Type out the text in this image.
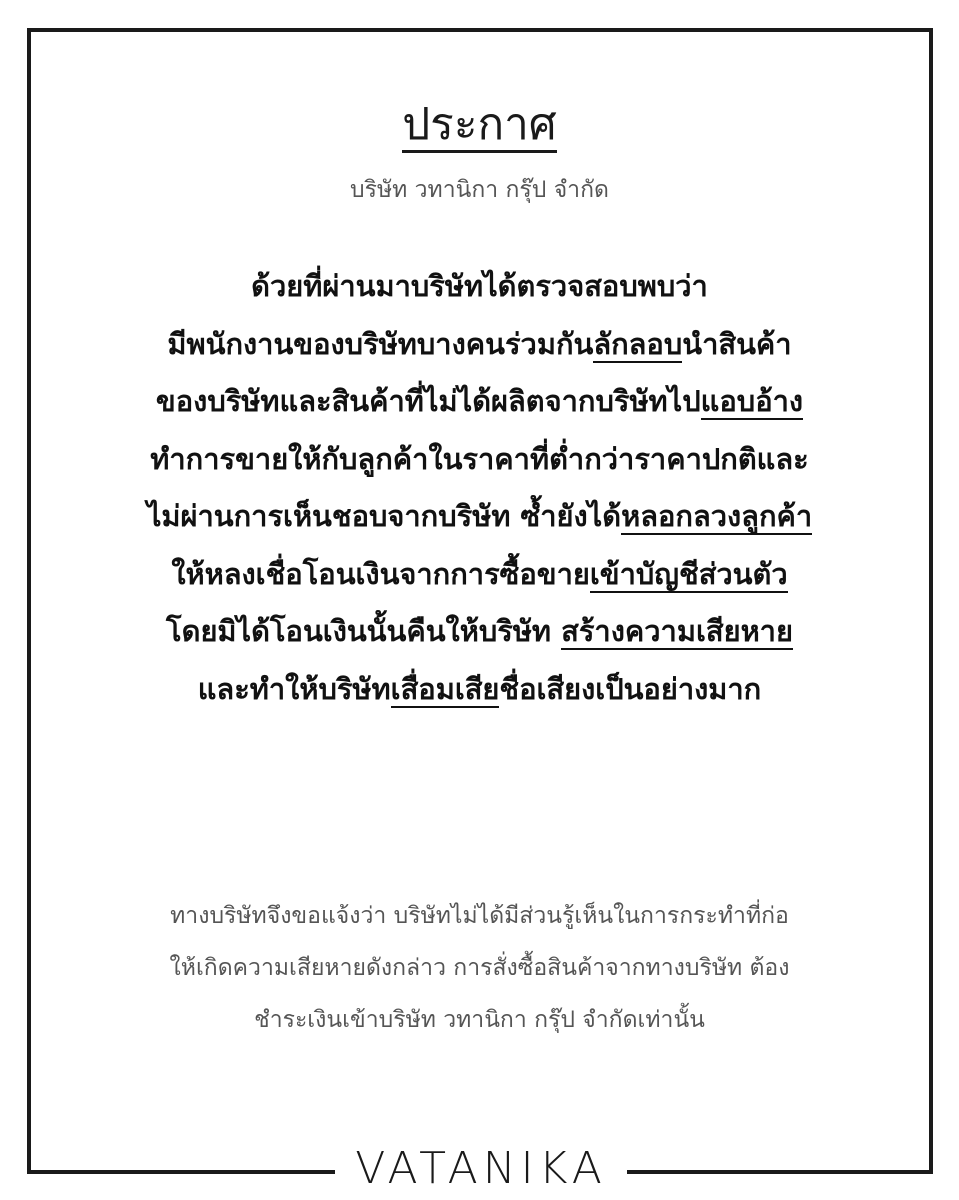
ประกาศ
บริษัท วทานิกา กรุ๊ป จำกัด
ด้วยที่ผ่านมาบริษัทได้ตรวจสอบพบว่า
มีพนักงานของบริษัทบางคนร่วมกันลักลอบนำสินค้า
ของบริษัทและสินค้าที่ไม่ได้ผลิตจากบริษัทไปแอบอ้าง
ทำการขายให้กับลูกค้าในราคาที่ต่ำกว่าราคาปกติและ
ไม่ผ่านการเห็นชอบจากบริษัท ซ้ำยังได้หลอกลวงลูกค้า
ให้หลงเชื่อโอนเงินจากการซื้อขายเข้าบัญชีส่วนตัว
โดยมิได้โอนเงินนั้นคืนให้บริษัท สร้างความเสียหาย
และทำให้บริษัทเสื่อมเสียชื่อเสียงเป็นอย่างมาก
ทางบริษัทจึงขอแจ้งว่า บริษัทไม่ได้มีส่วนรู้เห็นในการกระทำที่ก่อ
ให้เกิดความเสียหายดังกล่าว การสั่งซื้อสินค้าจากทางบริษัท ต้อง
ชำระเงินเข้าบริษัท วทานิกา กรุ๊ป จำกัดเท่านั้น
VATANIKA
